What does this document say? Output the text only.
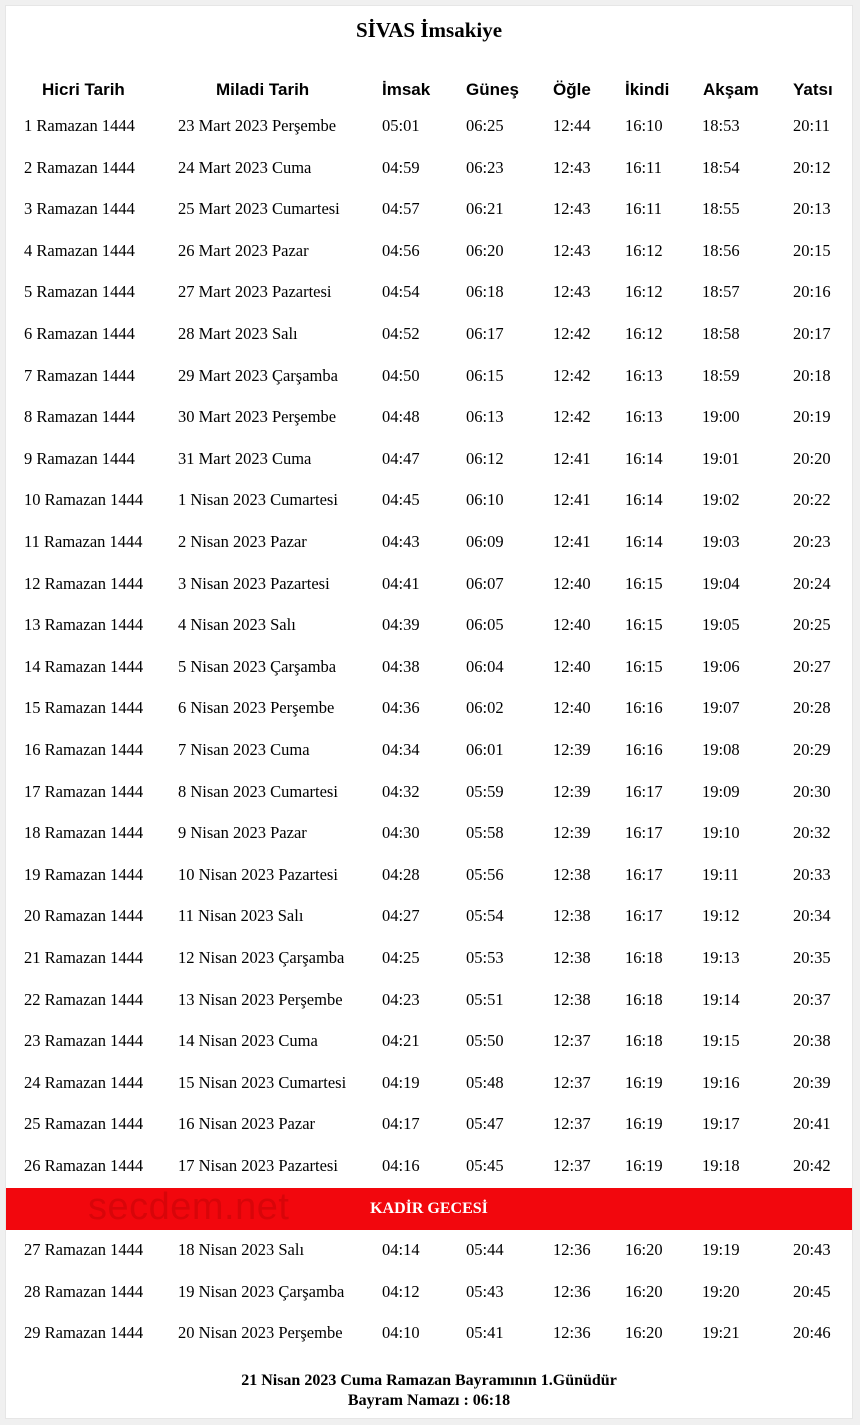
SİVAS İmsakiye
Hicri Tarih	Miladi Tarih	İmsak Güneş Öğle İkindi Akşam Yatsı
1 Ramazan 1444	23 Mart 2023 Perşembe	05:01	06:25	12:44 16:10 18:53	20:11
2 Ramazan 1444	24 Mart 2023 Cuma	04:59	06:23	12:43 16:11 18:54	20:12
3 Ramazan 1444	25 Mart 2023 Cumartesi	04:57	06:21	12:43 16:11 18:55	20:13
4 Ramazan 1444	26 Mart 2023 Pazar	04:56	06:20	12:43 16:12 18:56	20:15
5 Ramazan 1444	27 Mart 2023 Pazartesi	04:54	06:18	12:43 16:12 18:57	20:16
6 Ramazan 1444	28 Mart 2023 Salı	04:52	06:17	12:42 16:12 18:58	20:17
7 Ramazan 1444	29 Mart 2023 Çarşamba	04:50	06:15	12:42 16:13 18:59	20:18
8 Ramazan 1444	30 Mart 2023 Perşembe	04:48	06:13	12:42 16:13 19:00	20:19
9 Ramazan 1444	31 Mart 2023 Cuma	04:47	06:12	12:41 16:14 19:01	20:20
10 Ramazan 1444 1 Nisan 2023 Cumartesi	04:45	06:10	12:41 16:14 19:02	20:22
11 Ramazan 1444 2 Nisan 2023 Pazar	04:43	06:09	12:41 16:14 19:03	20:23
12 Ramazan 1444 3 Nisan 2023 Pazartesi	04:41	06:07	12:40 16:15 19:04	20:24
13 Ramazan 1444 4 Nisan 2023 Salı	04:39	06:05	12:40 16:15 19:05	20:25
14 Ramazan 1444 5 Nisan 2023 Çarşamba	04:38	06:04	12:40 16:15 19:06	20:27
15 Ramazan 1444 6 Nisan 2023 Perşembe	04:36	06:02	12:40 16:16 19:07	20:28
16 Ramazan 1444 7 Nisan 2023 Cuma	04:34	06:01	12:39 16:16 19:08	20:29
17 Ramazan 1444 8 Nisan 2023 Cumartesi	04:32	05:59	12:39 16:17 19:09	20:30
18 Ramazan 1444 9 Nisan 2023 Pazar	04:30	05:58	12:39 16:17 19:10	20:32
19 Ramazan 1444 10 Nisan 2023 Pazartesi	04:28	05:56	12:38 16:17 19:11	20:33
20 Ramazan 1444 11 Nisan 2023 Salı	04:27	05:54	12:38 16:17 19:12	20:34
21 Ramazan 1444 12 Nisan 2023 Çarşamba 04:25	05:53	12:38 16:18 19:13	20:35
22 Ramazan 1444 13 Nisan 2023 Perşembe 04:23	05:51	12:38 16:18 19:14	20:37
23 Ramazan 1444 14 Nisan 2023 Cuma	04:21	05:50	12:37 16:18 19:15	20:38
24 Ramazan 1444 15 Nisan 2023 Cumartesi 04:19	05:48	12:37 16:19 19:16	20:39
25 Ramazan 1444 16 Nisan 2023 Pazar	04:17	05:47	12:37 16:19 19:17	20:41
26 Ramazan 1444 17 Nisan 2023 Pazartesi	04:16	05:45	12:37 16:19 19:18	20:42
secdem.net	KADİR GECESİ
27 Ramazan 1444 18 Nisan 2023 Salı	04:14	05:44	12:36 16:20 19:19	20:43
28 Ramazan 1444 19 Nisan 2023 Çarşamba 04:12	05:43	12:36 16:20 19:20	20:45
29 Ramazan 1444 20 Nisan 2023 Perşembe 04:10	05:41	12:36 16:20 19:21	20:46
21 Nisan 2023 Cuma Ramazan Bayramının 1.Günüdür
Bayram Namazı : 06:18
